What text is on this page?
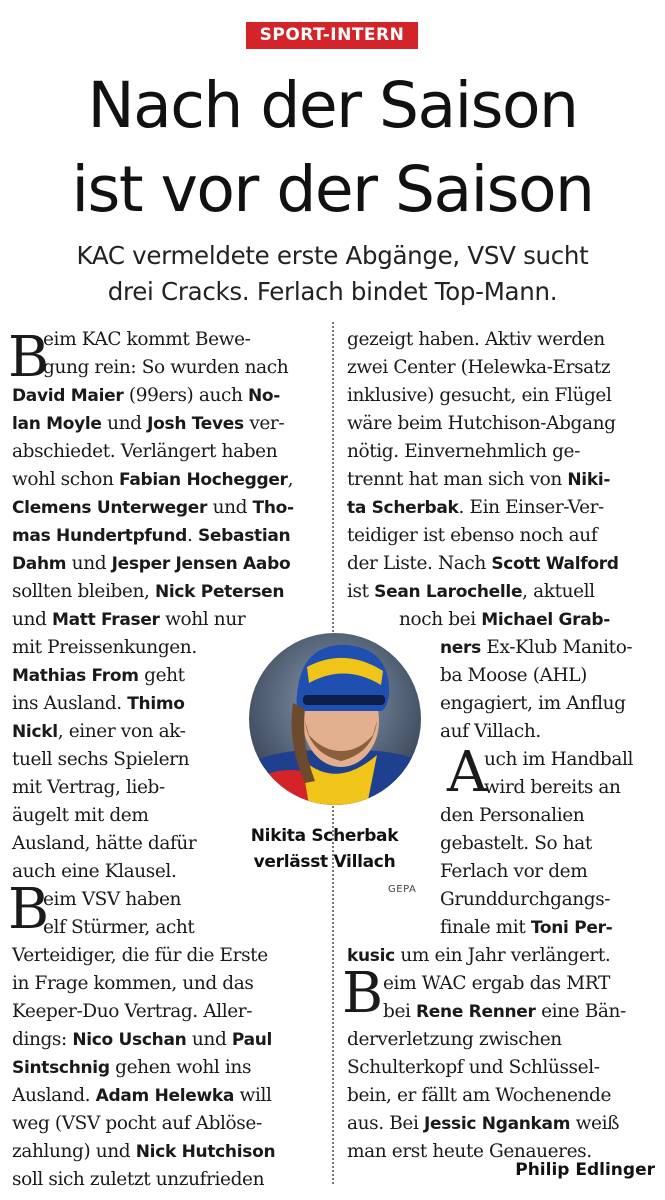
SPORT-INTERN
Nach der Saison
ist vor der Saison

KAC vermeldete erste Abgänge, VSV sucht
drei Cracks. Ferlach bindet Top-Mann.

eim KAC kommt Bewe-

gung rein: So wurden nach

David Maier (99ers) auch No-

lan Moyle und Josh Teves ver-

abschiedet. Verlängert haben

wohl schon Fabian Hochegger,

Clemens Unterweger und Tho-

mas Hundertpfund. Sebastian

Dahm und Jesper Jensen Aabo

sollten bleiben, Nick Petersen

und Matt Fraser wohl nur

mit Preissenkungen.

Mathias From geht

ins Ausland. Thimo

Nickl, einer von ak-

tuell sechs Spielern

mit Vertrag, lieb-

äugelt mit dem

Ausland, hätte dafür

auch eine Klausel.

eim VSV haben

elf Stürmer, acht

Verteidiger, die für die Erste

in Frage kommen, und das

Keeper-Duo Vertrag. Aller-

dings: Nico Uschan und Paul

Sintschnig gehen wohl ins

Ausland. Adam Helewka will

weg (VSV pocht auf Ablöse-

zahlung) und Nick Hutchison

soll sich zuletzt unzufrieden

gezeigt haben. Aktiv werden

zwei Center (Helewka-Ersatz

inklusive) gesucht, ein Flügel

wäre beim Hutchison-Abgang

nötig. Einvernehmlich ge-

trennt hat man sich von Niki-

ta Scherbak. Ein Einser-Ver-

teidiger ist ebenso noch auf

der Liste. Nach Scott Walford

ist Sean Larochelle, aktuell

noch bei Michael Grab-

ners Ex-Klub Manito-

ba Moose (AHL)

engagiert, im Anflug

auf Villach.

uch im Handball

wird bereits an

den Personalien

gebastelt. So hat

Ferlach vor dem

Grunddurchgangs-

finale mit Toni Per-

kusic um ein Jahr verlängert.

eim WAC ergab das MRT

bei Rene Renner eine Bän-

derverletzung zwischen

Schulterkopf und Schlüssel-

bein, er fällt am Wochenende

aus. Bei Jessic Ngankam weiß

man erst heute Genaueres.

B
B
A
B
Nikita Scherbak
verlässt Villach
GEPA
Philip Edlinger
